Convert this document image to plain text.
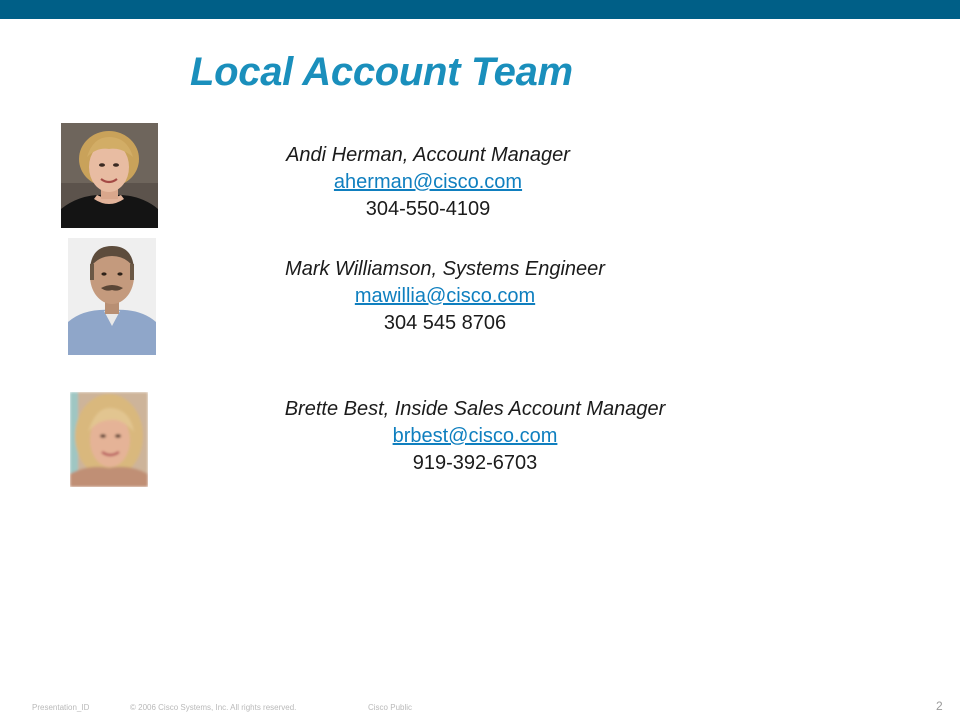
Local Account Team
Andi Herman, Account Manager
aherman@cisco.com
304-550-4109
Mark Williamson, Systems Engineer
mawillia@cisco.com
304 545 8706
Brette Best, Inside Sales Account Manager
brbest@cisco.com
919-392-6703
Presentation_ID	© 2006 Cisco Systems, Inc. All rights reserved.	Cisco Public	2
